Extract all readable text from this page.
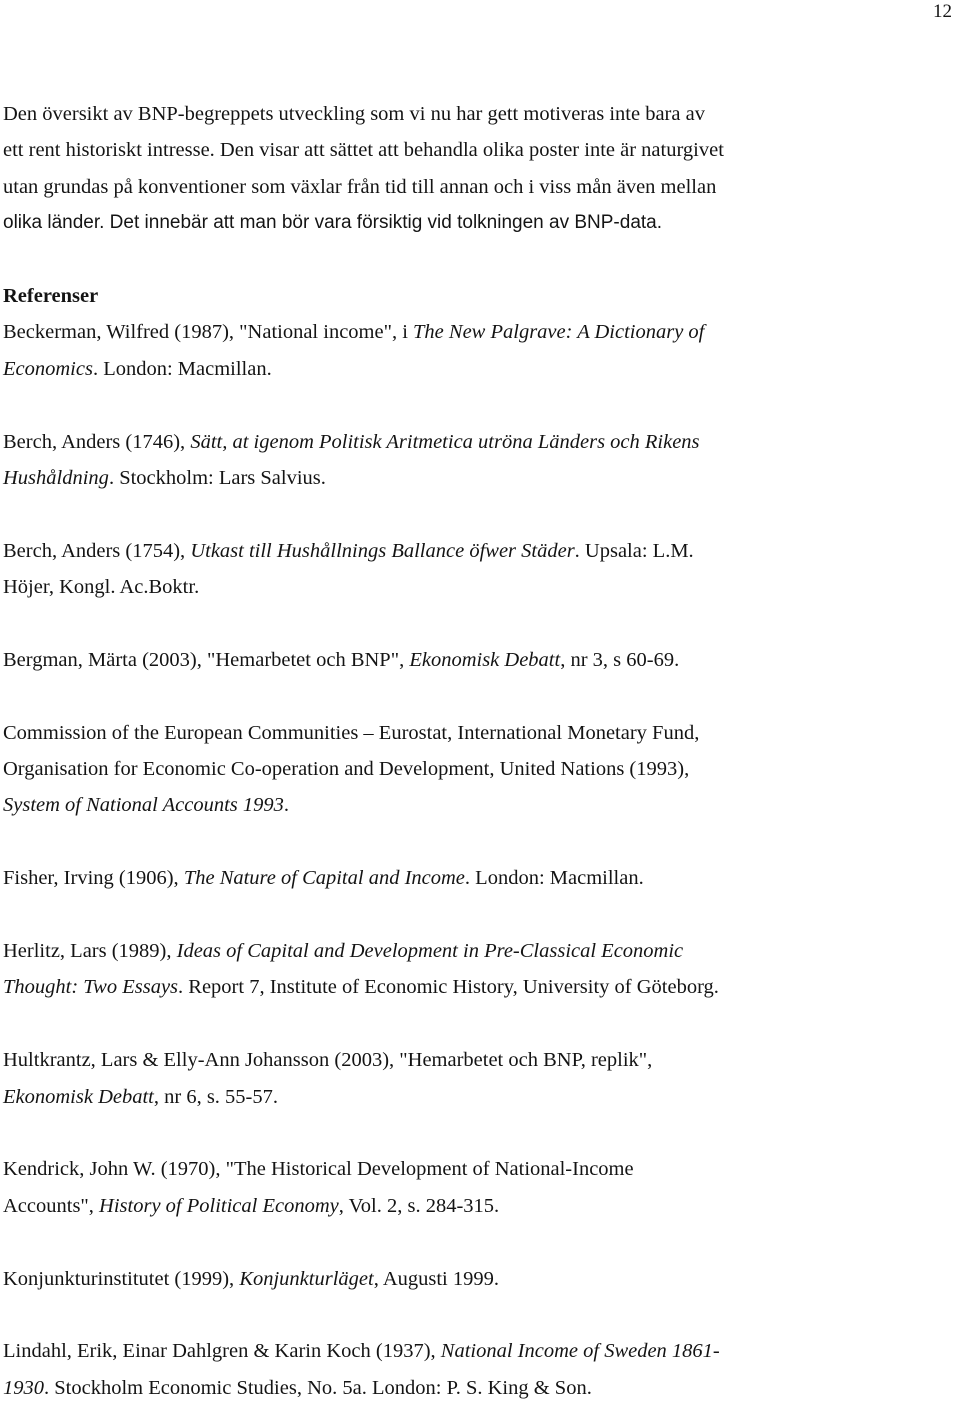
12
Den översikt av BNP-begreppets utveckling som vi nu har gett motiveras inte bara av
ett rent historiskt intresse. Den visar att sättet att behandla olika poster inte är naturgivet
utan grundas på konventioner som växlar från tid till annan och i viss mån även mellan
olika länder. Det innebär att man bör vara försiktig vid tolkningen av BNP-data.
Referenser
Beckerman, Wilfred (1987), "National income", i The New Palgrave: A Dictionary of
Economics. London: Macmillan.
Berch, Anders (1746), Sätt, at igenom Politisk Aritmetica utröna Länders och Rikens
Hushåldning. Stockholm: Lars Salvius.
Berch, Anders (1754), Utkast till Hushållnings Ballance öfwer Städer. Upsala: L.M.
Höjer, Kongl. Ac.Boktr.
Bergman, Märta (2003), "Hemarbetet och BNP", Ekonomisk Debatt, nr 3, s 60-69.
Commission of the European Communities – Eurostat, International Monetary Fund,
Organisation for Economic Co-operation and Development, United Nations (1993),
System of National Accounts 1993.
Fisher, Irving (1906), The Nature of Capital and Income. London: Macmillan.
Herlitz, Lars (1989), Ideas of Capital and Development in Pre-Classical Economic
Thought: Two Essays. Report 7, Institute of Economic History, University of Göteborg.
Hultkrantz, Lars & Elly-Ann Johansson (2003), "Hemarbetet och BNP, replik",
Ekonomisk Debatt, nr 6, s. 55-57.
Kendrick, John W. (1970), "The Historical Development of National-Income
Accounts", History of Political Economy, Vol. 2, s. 284-315.
Konjunkturinstitutet (1999), Konjunkturläget, Augusti 1999.
Lindahl, Erik, Einar Dahlgren & Karin Koch (1937), National Income of Sweden 1861-
1930. Stockholm Economic Studies, No. 5a. London: P. S. King & Son.
